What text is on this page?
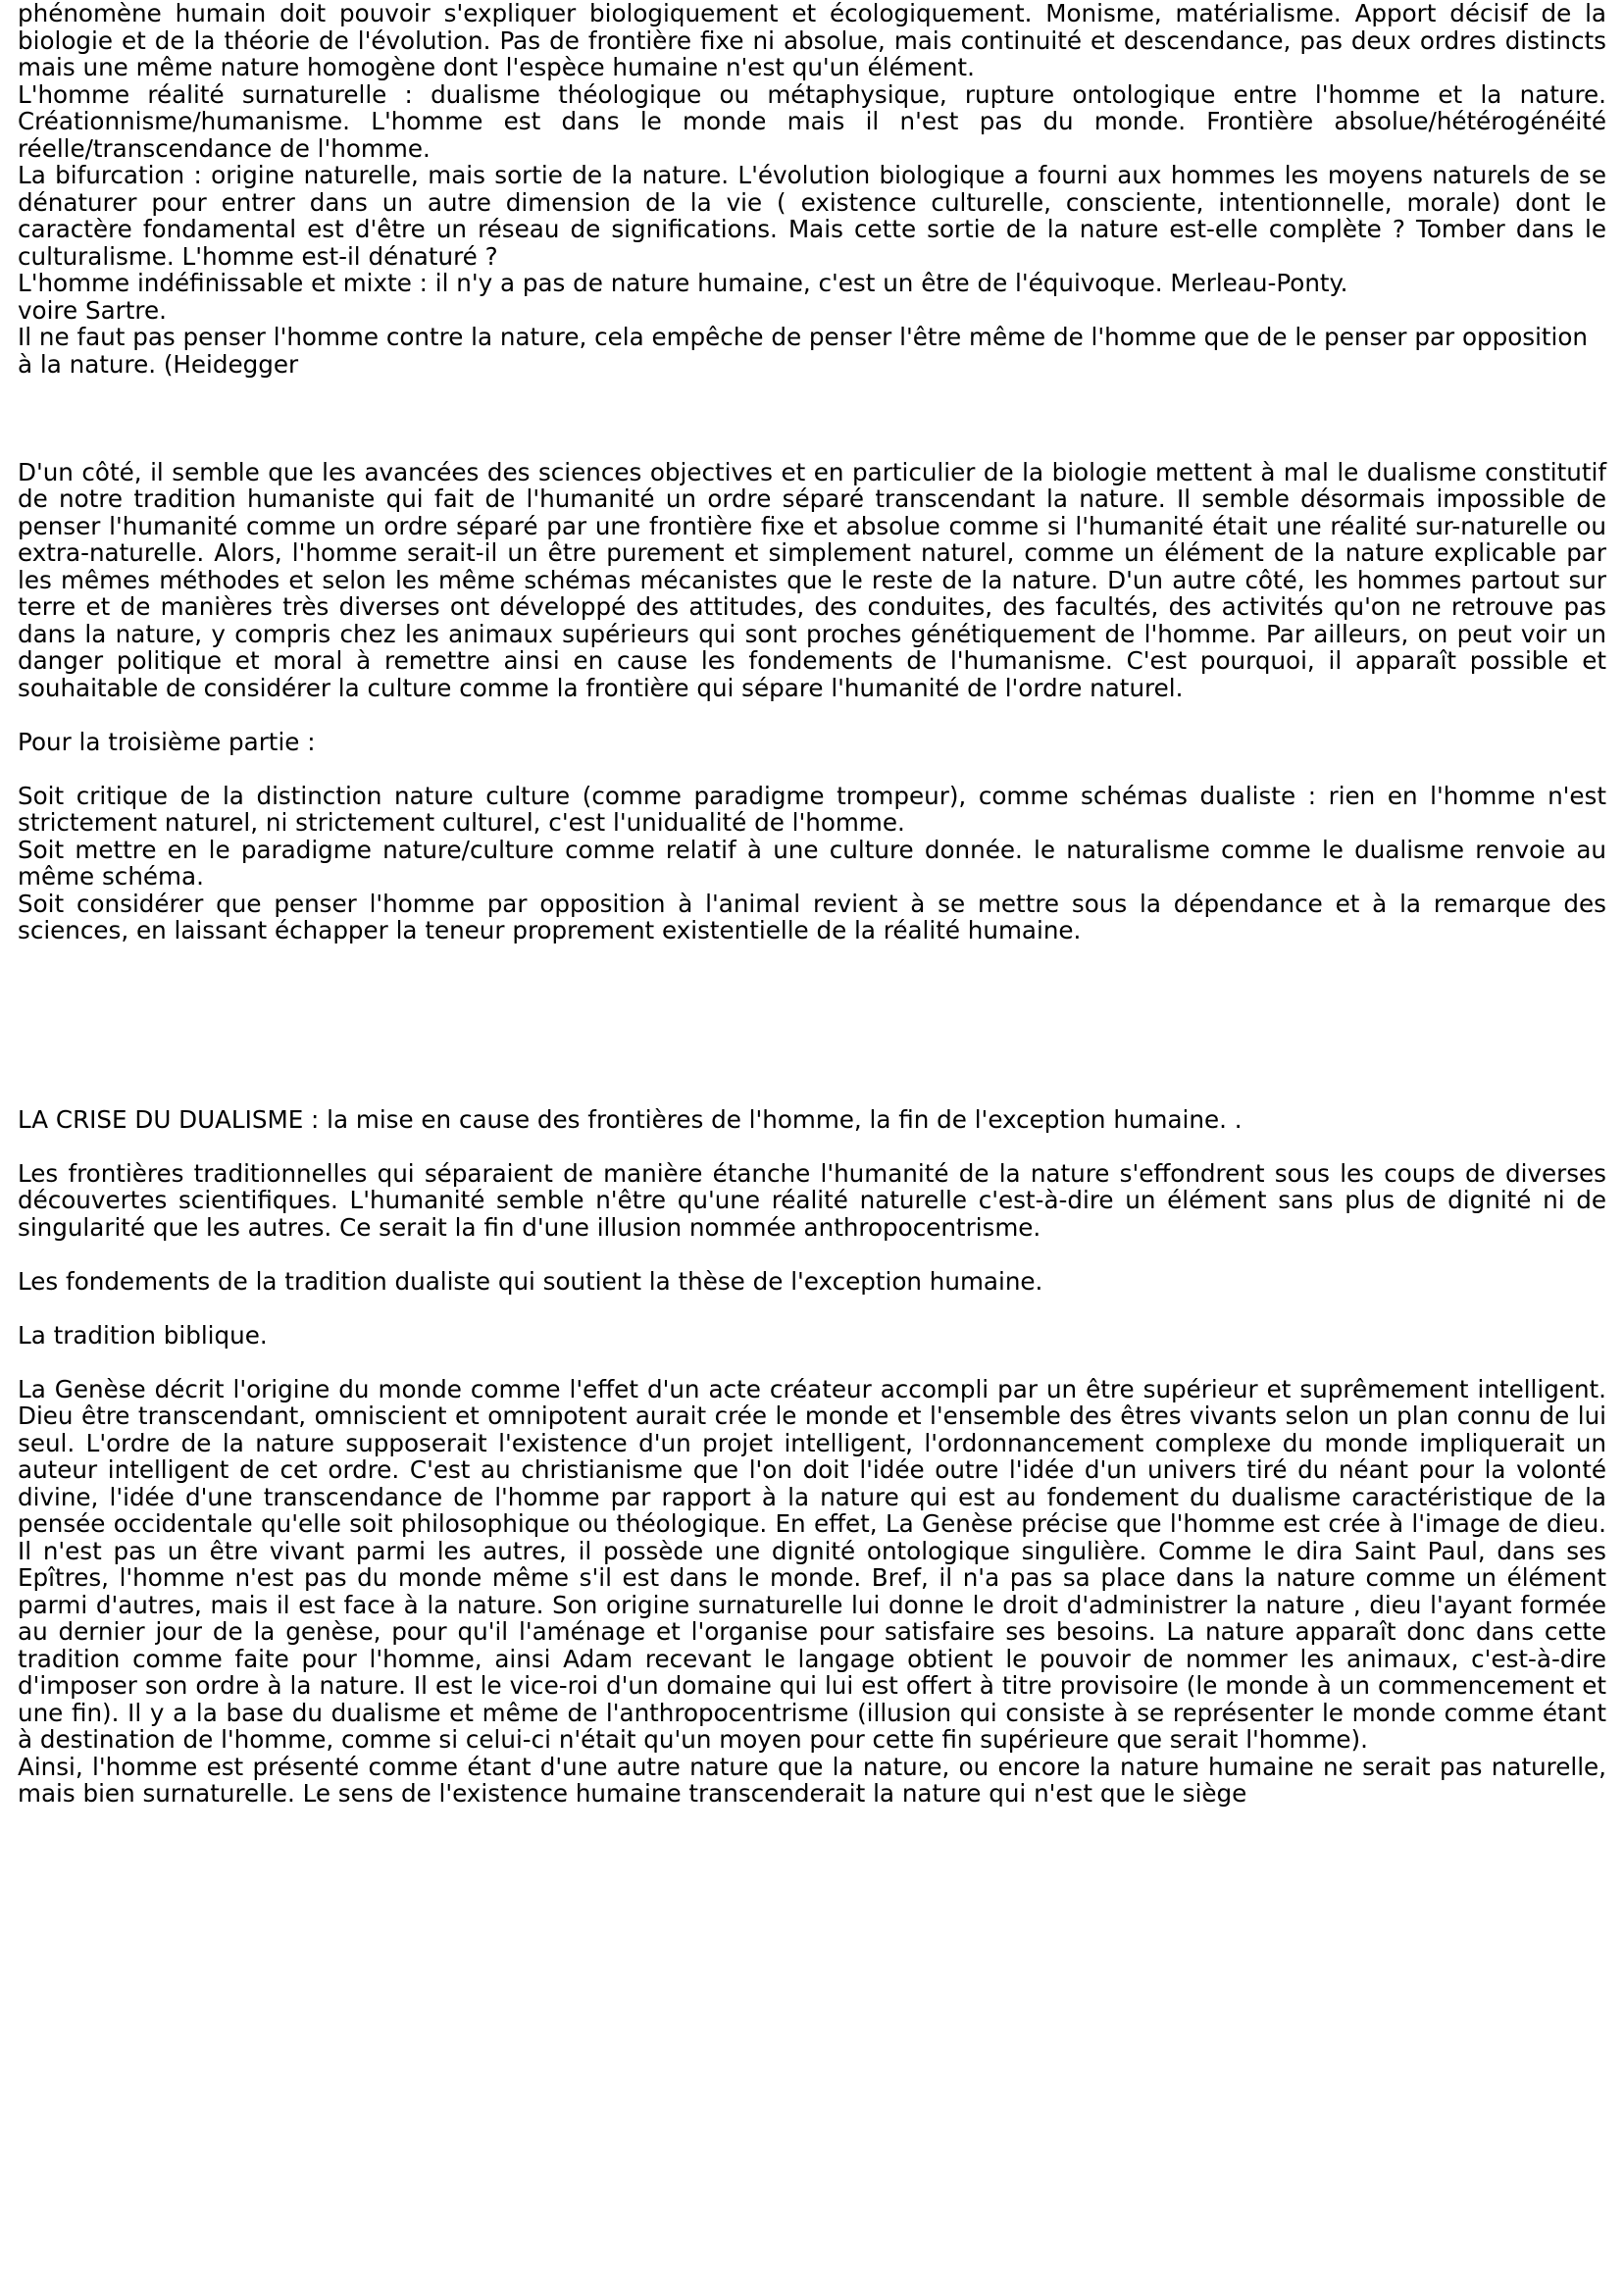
phénomène humain doit pouvoir s'expliquer biologiquement et écologiquement. Monisme, matérialisme. Apport décisif de la biologie et de la théorie de l'évolution. Pas de frontière fixe ni absolue, mais continuité et descendance, pas deux ordres distincts mais une même nature homogène dont l'espèce humaine n'est qu'un élément.

L'homme réalité surnaturelle : dualisme théologique ou métaphysique, rupture ontologique entre l'homme et la nature. Créationnisme/humanisme. L'homme est dans le monde mais il n'est pas du monde. Frontière absolue/hétérogénéité réelle/transcendance de l'homme.

La bifurcation : origine naturelle, mais sortie de la nature. L'évolution biologique a fourni aux hommes les moyens naturels de se dénaturer pour entrer dans un autre dimension de la vie ( existence culturelle, consciente, intentionnelle, morale) dont le caractère fondamental est d'être un réseau de significations. Mais cette sortie de la nature est-elle complète ? Tomber dans le culturalisme. L'homme est-il dénaturé ?

L'homme indéfinissable et mixte : il n'y a pas de nature humaine, c'est un être de l'équivoque. Merleau-Ponty.

voire Sartre.

Il ne faut pas penser l'homme contre la nature, cela empêche de penser l'être même de l'homme que de le penser par opposition à la nature. (Heidegger

D'un côté, il semble que les avancées des sciences objectives et en particulier de la biologie mettent à mal le dualisme constitutif de notre tradition humaniste qui fait de l'humanité un ordre séparé transcendant la nature. Il semble désormais impossible de penser l'humanité comme un ordre séparé par une frontière fixe et absolue comme si l'humanité était une réalité sur-naturelle ou extra-naturelle. Alors, l'homme serait-il un être purement et simplement naturel, comme un élément de la nature explicable par les mêmes méthodes et selon les même schémas mécanistes que le reste de la nature. D'un autre côté, les hommes partout sur terre et de manières très diverses ont développé des attitudes, des conduites, des facultés, des activités qu'on ne retrouve pas dans la nature, y compris chez les animaux supérieurs qui sont proches génétiquement de l'homme. Par ailleurs, on peut voir un danger politique et moral à remettre ainsi en cause les fondements de l'humanisme. C'est pourquoi, il apparaît possible et souhaitable de considérer la culture comme la frontière qui sépare l'humanité de l'ordre naturel.

Pour la troisième partie :

Soit critique de la distinction nature culture (comme paradigme trompeur), comme schémas dualiste : rien en l'homme n'est strictement naturel, ni strictement culturel, c'est l'unidualité de l'homme.

Soit mettre en le paradigme nature/culture comme relatif à une culture donnée. le naturalisme comme le dualisme renvoie au même schéma.

Soit considérer que penser l'homme par opposition à l'animal revient à se mettre sous la dépendance et à la remarque des sciences, en laissant échapper la teneur proprement existentielle de la réalité humaine.

LA CRISE DU DUALISME : la mise en cause des frontières de l'homme, la fin de l'exception humaine. .

Les frontières traditionnelles qui séparaient de manière étanche l'humanité de la nature s'effondrent sous les coups de diverses découvertes scientifiques. L'humanité semble n'être qu'une réalité naturelle c'est-à-dire un élément sans plus de dignité ni de singularité que les autres. Ce serait la fin d'une illusion nommée anthropocentrisme.

Les fondements de la tradition dualiste qui soutient la thèse de l'exception humaine.

La tradition biblique.

La Genèse décrit l'origine du monde comme l'effet d'un acte créateur accompli par un être supérieur et suprêmement intelligent. Dieu être transcendant, omniscient et omnipotent aurait crée le monde et l'ensemble des êtres vivants selon un plan connu de lui seul. L'ordre de la nature supposerait l'existence d'un projet intelligent, l'ordonnancement complexe du monde impliquerait un auteur intelligent de cet ordre. C'est au christianisme que l'on doit l'idée outre l'idée d'un univers tiré du néant pour la volonté divine, l'idée d'une transcendance de l'homme par rapport à la nature qui est au fondement du dualisme caractéristique de la pensée occidentale qu'elle soit philosophique ou théologique. En effet, La Genèse précise que l'homme est crée à l'image de dieu. Il n'est pas un être vivant parmi les autres, il possède une dignité ontologique singulière. Comme le dira Saint Paul, dans ses Epîtres, l'homme n'est pas du monde même s'il est dans le monde. Bref, il n'a pas sa place dans la nature comme un élément parmi d'autres, mais il est face à la nature. Son origine surnaturelle lui donne le droit d'administrer la nature , dieu l'ayant formée au dernier jour de la genèse, pour qu'il l'aménage et l'organise pour satisfaire ses besoins. La nature apparaît donc dans cette tradition comme faite pour l'homme, ainsi Adam recevant le langage obtient le pouvoir de nommer les animaux, c'est-à-dire d'imposer son ordre à la nature. Il est le vice-roi d'un domaine qui lui est offert à titre provisoire (le monde à un commencement et une fin). Il y a la base du dualisme et même de l'anthropocentrisme (illusion qui consiste à se représenter le monde comme étant à destination de l'homme, comme si celui-ci n'était qu'un moyen pour cette fin supérieure que serait l'homme).

Ainsi, l'homme est présenté comme étant d'une autre nature que la nature, ou encore la nature humaine ne serait pas naturelle, mais bien surnaturelle. Le sens de l'existence humaine transcenderait la nature qui n'est que le siège
